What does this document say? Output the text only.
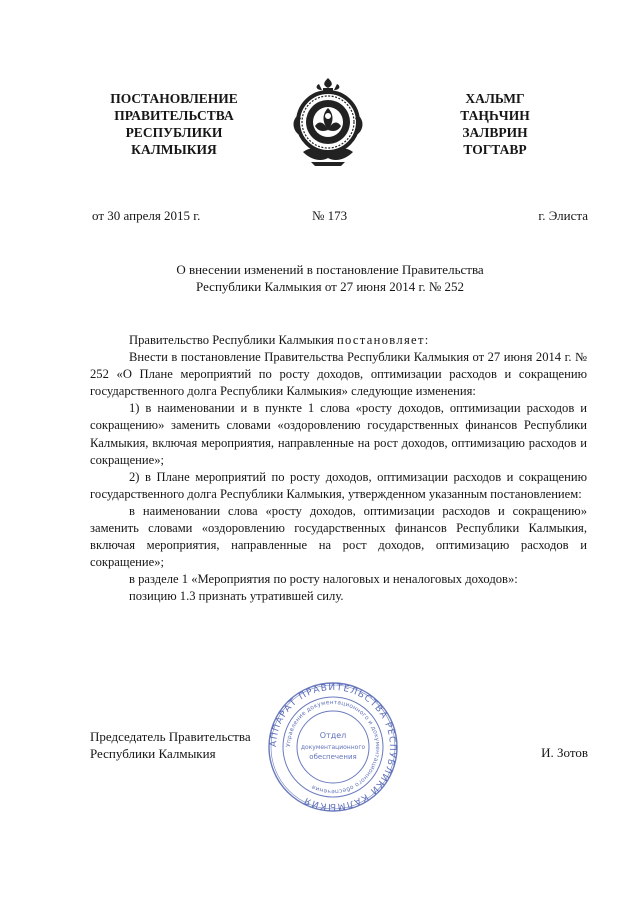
ПОСТАНОВЛЕНИЕ
ПРАВИТЕЛЬСТВА
РЕСПУБЛИКИ
КАЛМЫКИЯ
ХАЛЬМГ
ТАҢҺЧИН
ЗАЛВРИН
ТОГТАВР
от 30 апреля 2015 г.	№ 173	г. Элиста
О внесении изменений в постановление Правительства
Республики Калмыкия от 27 июня 2014 г. № 252

Правительство Республики Калмыкия постановляет:

Внести в постановление Правительства Республики Калмыкия от 27 июня 2014 г. № 252 «О Плане мероприятий по росту доходов, оптимизации расходов и сокращению государственного долга Республики Калмыкия» следующие изменения:

1) в наименовании и в пункте 1 слова «росту доходов, оптимизации расходов и сокращению» заменить словами «оздоровлению государственных финансов Республики Калмыкия, включая мероприятия, направленные на рост доходов, оптимизацию расходов и сокращение»;

2) в Плане мероприятий по росту доходов, оптимизации расходов и сокращению государственного долга Республики Калмыкия, утвержденном указанным постановлением:

в наименовании слова «росту доходов, оптимизации расходов и сокращению» заменить словами «оздоровлению государственных финансов Республики Калмыкия, включая мероприятия, направленные на рост доходов, оптимизацию расходов и сокращение»;

в разделе 1 «Мероприятия по росту налоговых и неналоговых доходов»:

позицию 1.3 признать утратившей силу.

Председатель Правительства
Республики Калмыкия	И. Зотов
АППАРАТ ПРАВИТЕЛЬСТВА РЕСПУБЛИКИ КАЛМЫКИЯ
Управление документационного и документационного обеспечения
Отдел
документационного
обеспечения
